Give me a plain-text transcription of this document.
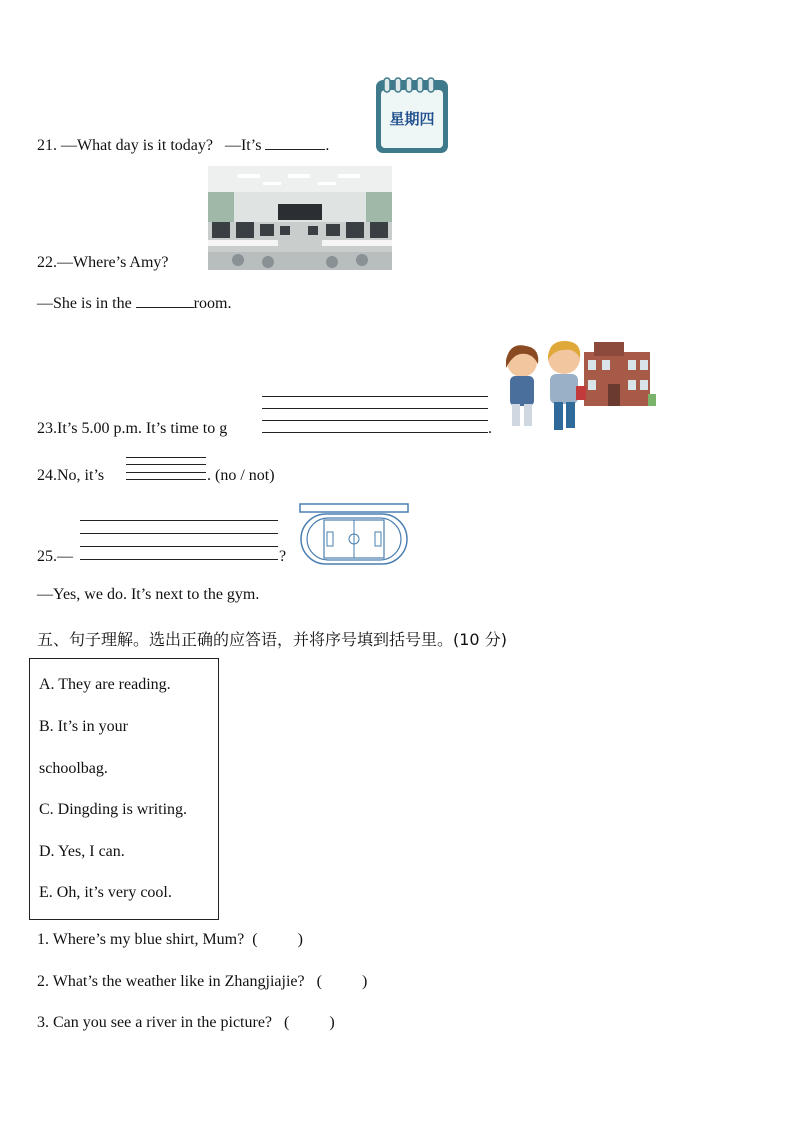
21. —What day is it today? —It’s	.
星期四
22.—Where’s Amy?
—She is in the	room.
23.It’s 5.00 p.m. It’s time to g	.
24.No, it’s	. (no / not)
25.—	?
—Yes, we do. It’s next to the gym.
五、句子理解。选出正确的应答语，并将序号填到括号里。(10 分)
A. They are reading.
B. It’s in your
schoolbag.
C. Dingding is writing.
D. Yes, I can.
E. Oh, it’s very cool.
1. Where’s my blue shirt, Mum? (          )
2. What’s the weather like in Zhangjiajie? (          )
3. Can you see a river in the picture? (          )
